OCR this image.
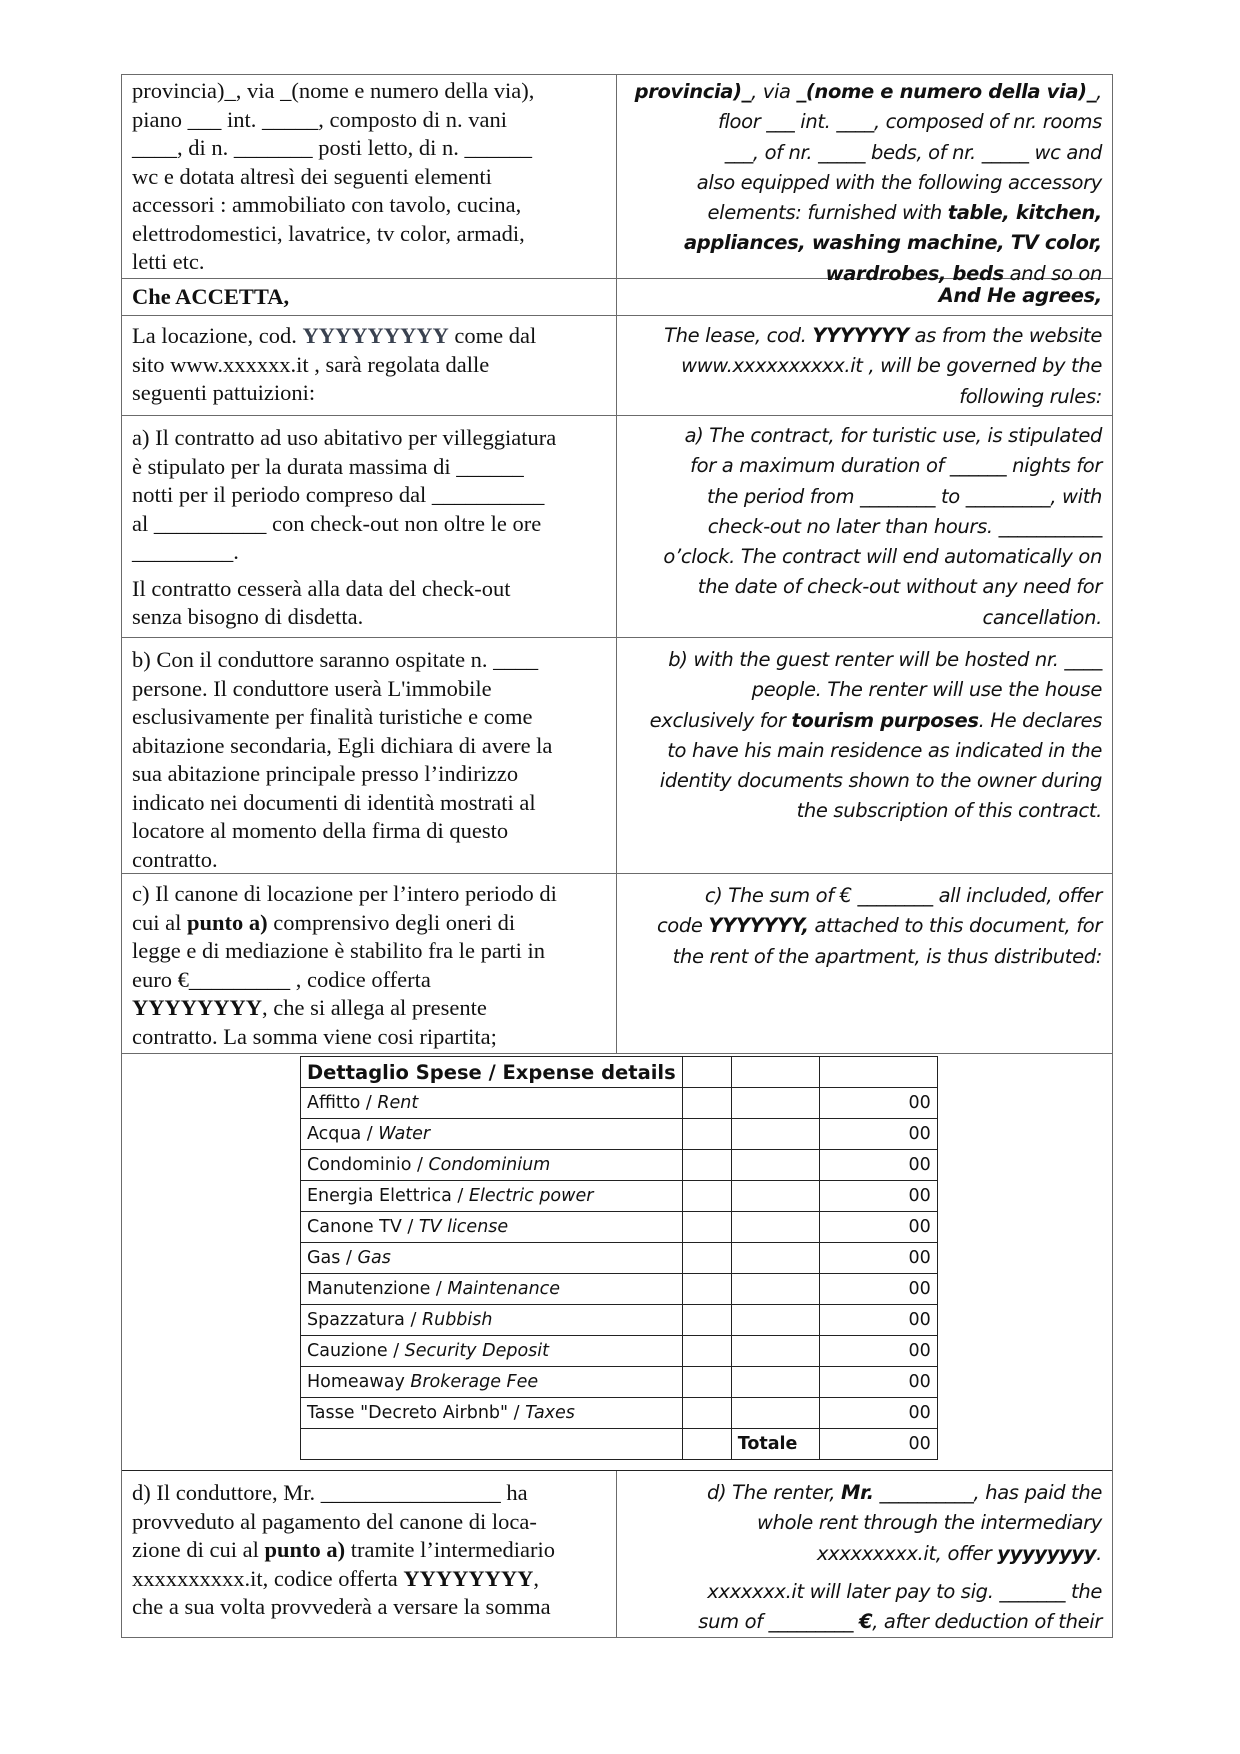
provincia)_, via _(nome e numero della via),
piano ___ int. _____, composto di n. vani
____, di n. _______ posti letto, di n. ______
wc e dotata altresì dei seguenti elementi
accessori : ammobiliato con tavolo, cucina,
elettrodomestici, lavatrice, tv color, armadi,
letti etc.
provincia)_, via _(nome e numero della via)_,
floor ___ int. ____, composed of nr. rooms
___, of nr. _____ beds, of nr. _____ wc and
also equipped with the following accessory
elements: furnished with table, kitchen,
appliances, washing machine, TV color,
wardrobes, beds and so on
Che ACCETTA,	And He agrees,
La locazione, cod. YYYYYYYYY come dal
sito www.xxxxxx.it , sarà regolata dalle
seguenti pattuizioni:
The lease, cod. YYYYYYY as from the website
www.xxxxxxxxxx.it , will be governed by the
following rules:
a) Il contratto ad uso abitativo per villeggiatura
è stipulato per la durata massima di ______
notti per il periodo compreso dal __________
al __________ con check-out non oltre le ore
_________.
Il contratto cesserà alla data del check-out
senza bisogno di disdetta.
a) The contract, for turistic use, is stipulated
for a maximum duration of ______ nights for
the period from ________ to _________, with
check-out no later than hours. ___________
o’clock. The contract will end automatically on
the date of check-out without any need for
cancellation.
b) Con il conduttore saranno ospitate n. ____
persone. Il conduttore userà L'immobile
esclusivamente per finalità turistiche e come
abitazione secondaria, Egli dichiara di avere la
sua abitazione principale presso l’indirizzo
indicato nei documenti di identità mostrati al
locatore al momento della firma di questo
contratto.
b) with the guest renter will be hosted nr. ____
people. The renter will use the house
exclusively for tourism purposes. He declares
to have his main residence as indicated in the
identity documents shown to the owner during
the subscription of this contract.
c) Il canone di locazione per l’intero periodo di
cui al punto a) comprensivo degli oneri di
legge e di mediazione è stabilito fra le parti in
euro €_________ , codice offerta
YYYYYYYY, che si allega al presente
contratto. La somma viene cosi ripartita;
c) The sum of € ________ all included, offer
code YYYYYYY, attached to this document, for
the rent of the apartment, is thus distributed:
Dettaglio Spese / Expense details			
Affitto / Rent			00
Acqua / Water			00
Condominio / Condominium			00
Energia Elettrica / Electric power			00
Canone TV / TV license			00
Gas / Gas			00
Manutenzione / Maintenance			00
Spazzatura / Rubbish			00
Cauzione / Security Deposit			00
Homeaway Brokerage Fee			00
Tasse "Decreto Airbnb" / Taxes			00
		Totale	00
d) Il conduttore, Mr. ________________ ha
provveduto al pagamento del canone di loca-
zione di cui al punto a) tramite l’intermediario
xxxxxxxxxx.it, codice offerta YYYYYYYY,
che a sua volta provvederà a versare la somma
d) The renter, Mr. __________, has paid the
whole rent through the intermediary
xxxxxxxxx.it, offer yyyyyyyy.
xxxxxxx.it will later pay to sig. _______ the
sum of _________ €, after deduction of their
